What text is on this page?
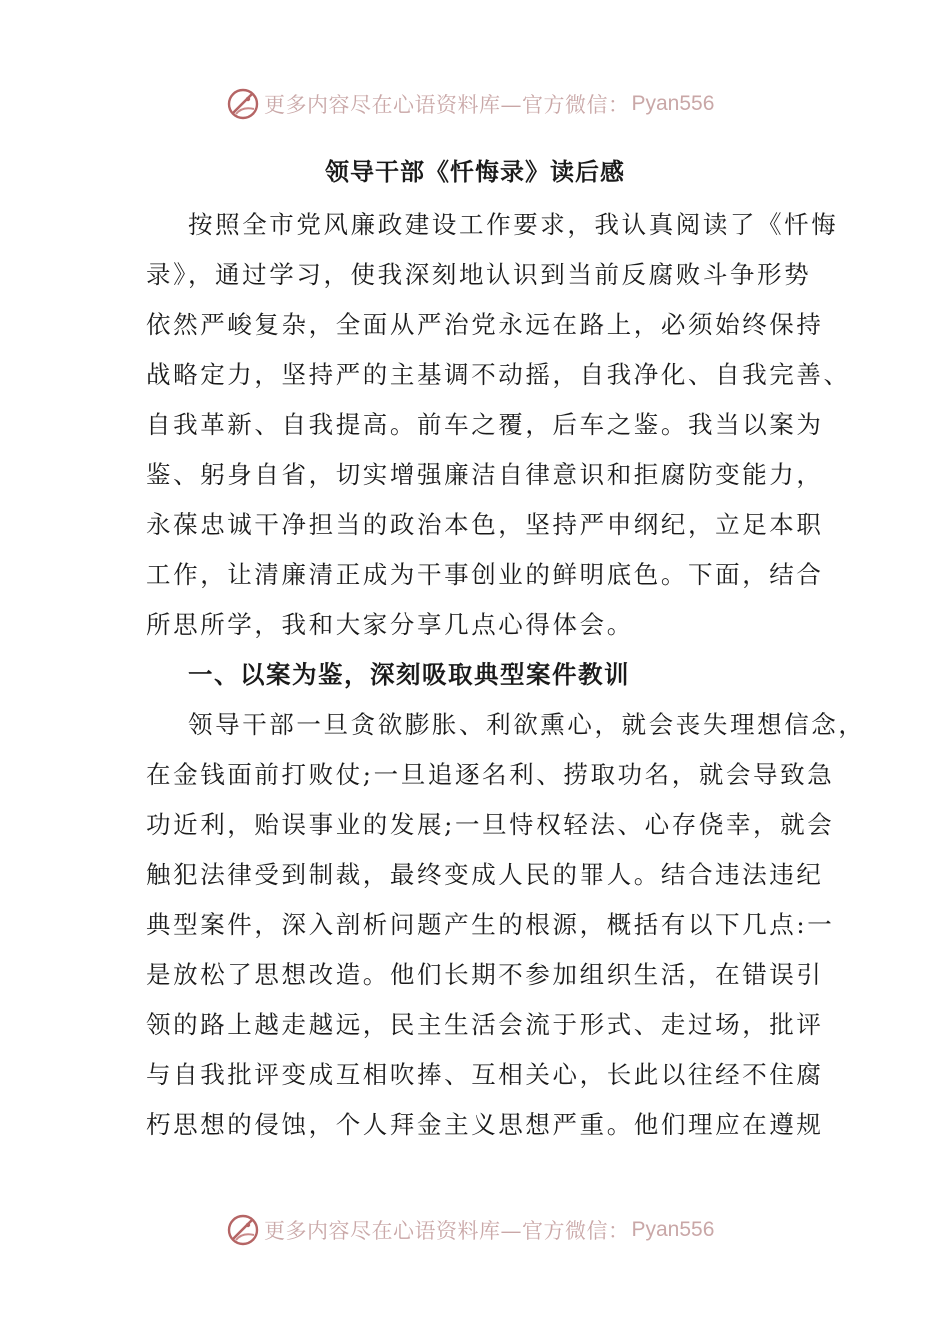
更多内容尽在心语资料库—官方微信： Pyan556
领导干部《忏悔录》读后感
按照全市党风廉政建设工作要求，我认真阅读了《忏悔
录》，通过学习，使我深刻地认识到当前反腐败斗争形势
依然严峻复杂，全面从严治党永远在路上，必须始终保持
战略定力，坚持严的主基调不动摇，自我净化、自我完善、
自我革新、自我提高。前车之覆，后车之鉴。我当以案为
鉴、躬身自省，切实增强廉洁自律意识和拒腐防变能力，
永葆忠诚干净担当的政治本色，坚持严申纲纪，立足本职
工作，让清廉清正成为干事创业的鲜明底色。下面，结合
所思所学，我和大家分享几点心得体会。
一、以案为鉴，深刻吸取典型案件教训
领导干部一旦贪欲膨胀、利欲熏心，就会丧失理想信念，
在金钱面前打败仗;一旦追逐名利、捞取功名，就会导致急
功近利，贻误事业的发展;一旦恃权轻法、心存侥幸，就会
触犯法律受到制裁，最终变成人民的罪人。结合违法违纪
典型案件，深入剖析问题产生的根源，概括有以下几点:一
是放松了思想改造。他们长期不参加组织生活，在错误引
领的路上越走越远，民主生活会流于形式、走过场，批评
与自我批评变成互相吹捧、互相关心，长此以往经不住腐
朽思想的侵蚀，个人拜金主义思想严重。他们理应在遵规
更多内容尽在心语资料库—官方微信： Pyan556
